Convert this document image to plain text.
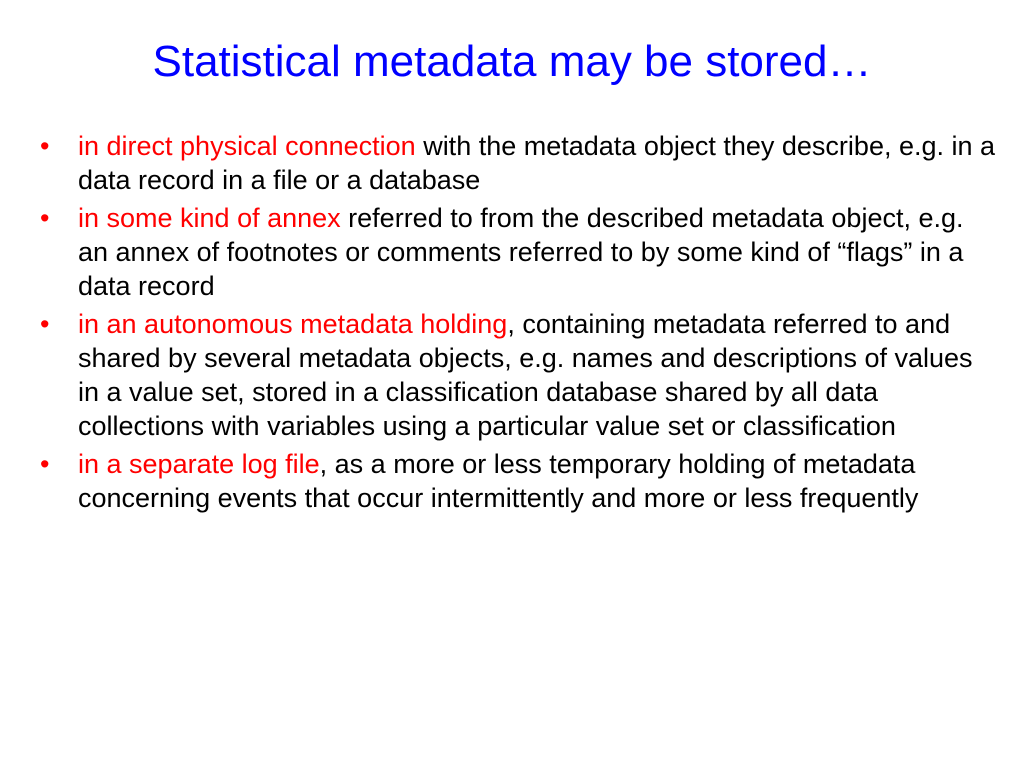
Statistical metadata may be stored…
• in direct physical connection with the metadata object they describe, e.g. in a data record in a file or a database
• in some kind of annex referred to from the described metadata object, e.g. an annex of footnotes or comments referred to by some kind of “flags” in a data record
• in an autonomous metadata holding, containing metadata referred to and shared by several metadata objects, e.g. names and descriptions of values in a value set, stored in a classification database shared by all data collections with variables using a particular value set or classification
• in a separate log file, as a more or less temporary holding of metadata concerning events that occur intermittently and more or less frequently
